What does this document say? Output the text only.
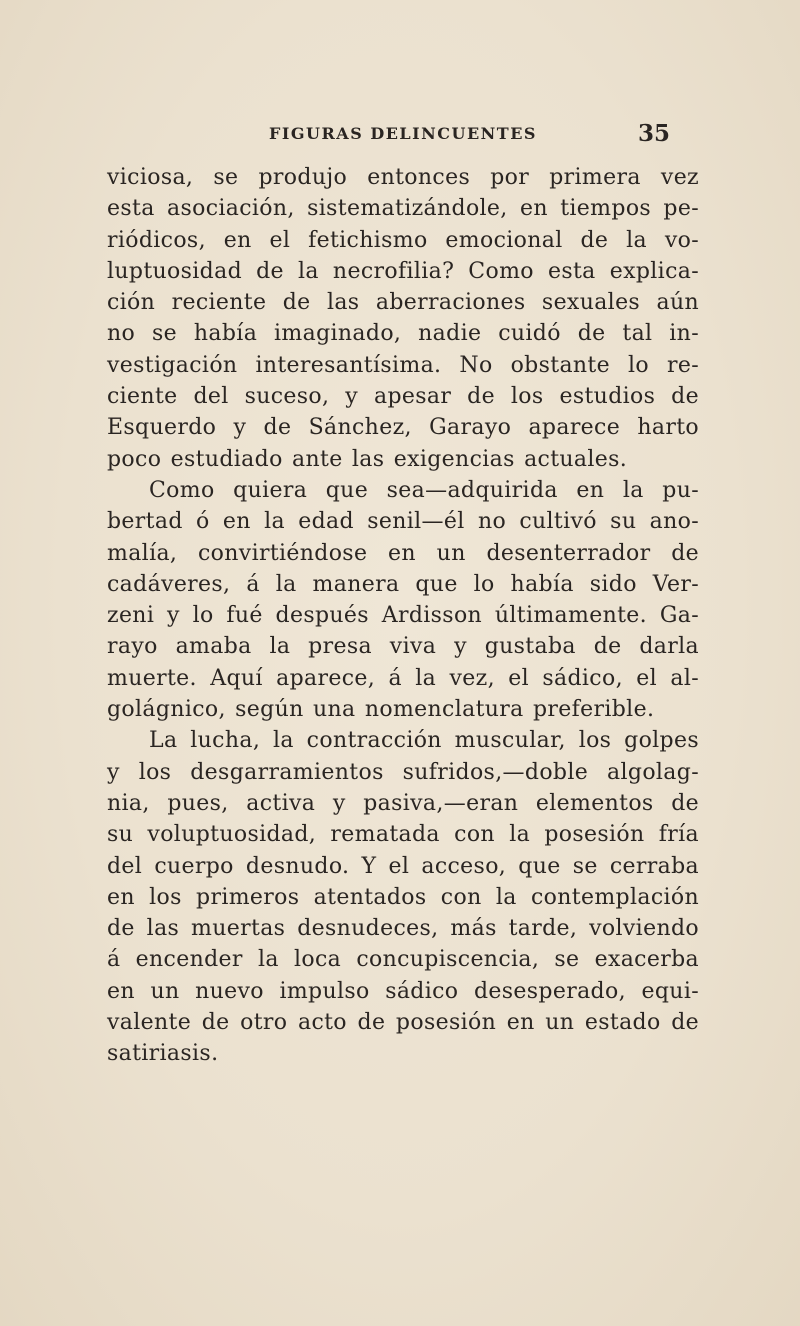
FIGURAS DELINCUENTES	35
viciosa, se produjo entonces por primera vez
esta asociación, sistematizándole, en tiempos pe-
riódicos, en el fetichismo emocional de la vo-
luptuosidad de la necrofilia? Como esta explica-
ción reciente de las aberraciones sexuales aún
no se había imaginado, nadie cuidó de tal in-
vestigación interesantísima. No obstante lo re-
ciente del suceso, y apesar de los estudios de
Esquerdo y de Sánchez, Garayo aparece harto
poco estudiado ante las exigencias actuales.
Como quiera que sea—adquirida en la pu-
bertad ó en la edad senil—él no cultivó su ano-
malía, convirtiéndose en un desenterrador de
cadáveres, á la manera que lo había sido Ver-
zeni y lo fué después Ardisson últimamente. Ga-
rayo amaba la presa viva y gustaba de darla
muerte. Aquí aparece, á la vez, el sádico, el al-
golágnico, según una nomenclatura preferible.
La lucha, la contracción muscular, los golpes
y los desgarramientos sufridos,—doble algolag-
nia, pues, activa y pasiva,—eran elementos de
su voluptuosidad, rematada con la posesión fría
del cuerpo desnudo. Y el acceso, que se cerraba
en los primeros atentados con la contemplación
de las muertas desnudeces, más tarde, volviendo
á encender la loca concupiscencia, se exacerba
en un nuevo impulso sádico desesperado, equi-
valente de otro acto de posesión en un estado de
satiriasis.
